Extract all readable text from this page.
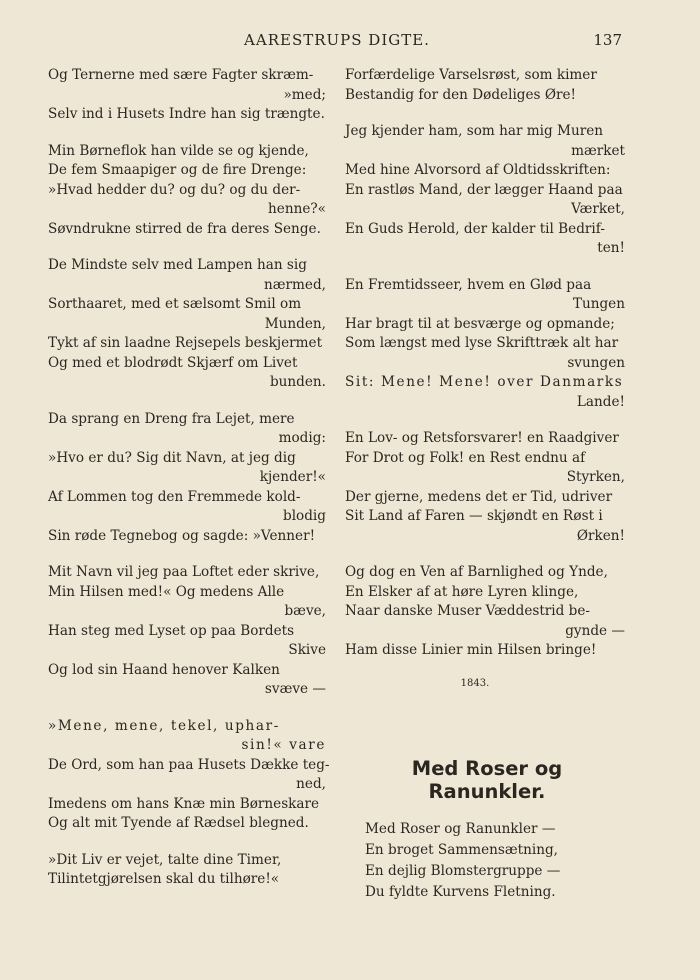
AARESTRUPS DIGTE.	137
Og Ternerne med sære Fagter skræm-
»med;
Selv ind i Husets Indre han sig trængte.
Min Børneflok han vilde se og kjende,
De fem Smaapiger og de fire Drenge:
»Hvad hedder du? og du? og du der-
henne?«
Søvndrukne stirred de fra deres Senge.
De Mindste selv med Lampen han sig
nærmed,
Sorthaaret, med et sælsomt Smil om
Munden,
Tykt af sin laadne Rejsepels beskjermet
Og med et blodrødt Skjærf om Livet
bunden.
Da sprang en Dreng fra Lejet, mere
modig:
»Hvo er du? Sig dit Navn, at jeg dig
kjender!«
Af Lommen tog den Fremmede kold-
blodig
Sin røde Tegnebog og sagde: »Venner!
Mit Navn vil jeg paa Loftet eder skrive,
Min Hilsen med!« Og medens Alle
bæve,
Han steg med Lyset op paa Bordets
Skive
Og lod sin Haand henover Kalken
svæve —
»Mene, mene, tekel, uphar-
sin!« vare
De Ord, som han paa Husets Dække teg-
ned,
Imedens om hans Knæ min Børneskare
Og alt mit Tyende af Rædsel blegned.
»Dit Liv er vejet, talte dine Timer,
Tilintetgjørelsen skal du tilhøre!«
Forfærdelige Varselsrøst, som kimer
Bestandig for den Dødeliges Øre!
Jeg kjender ham, som har mig Muren
mærket
Med hine Alvorsord af Oldtidsskriften:
En rastløs Mand, der lægger Haand paa
Værket,
En Guds Herold, der kalder til Bedrif-
ten!
En Fremtidsseer, hvem en Glød paa
Tungen
Har bragt til at besværge og opmande;
Som længst med lyse Skrifttræk alt har
svungen
Sit: Mene! Mene! over Danmarks
Lande!
En Lov- og Retsforsvarer! en Raadgiver
For Drot og Folk! en Rest endnu af
Styrken,
Der gjerne, medens det er Tid, udriver
Sit Land af Faren — skjøndt en Røst i
Ørken!
Og dog en Ven af Barnlighed og Ynde,
En Elsker af at høre Lyren klinge,
Naar danske Muser Væddestrid be-
gynde —
Ham disse Linier min Hilsen bringe!
1843.
Med Roser og Ranunkler.
Med Roser og Ranunkler —
En broget Sammensætning,
En dejlig Blomstergruppe —
Du fyldte Kurvens Fletning.
